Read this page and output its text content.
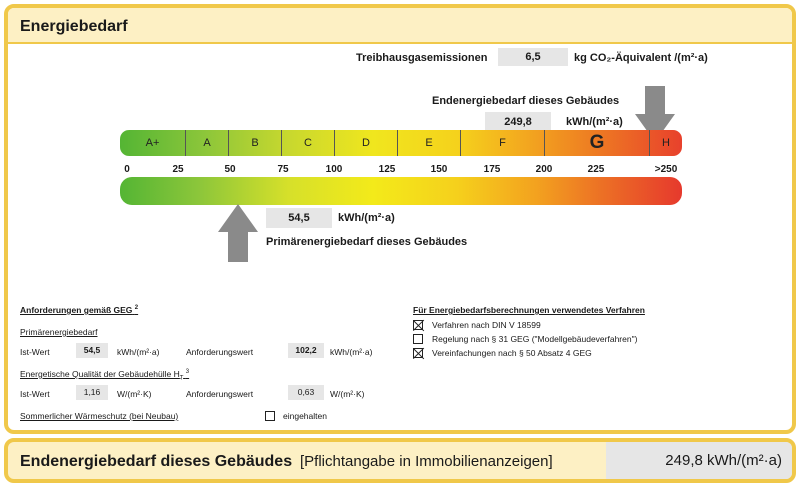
Energiebedarf
Treibhausgasemissionen	6,5	kg CO₂-Äquivalent /(m²·a)
Endenergiebedarf dieses Gebäudes
249,8	kWh/(m²·a)
A+	A	B	C	D	E	F	G	H
0	25	50	75	100	125	150	175	200	225	>250
54,5	kWh/(m²·a)
Primärenergiebedarf dieses Gebäudes
Anforderungen gemäß GEG $^2$
Primärenergiebedarf
Ist-Wert	54,5	kWh/(m²·a)	Anforderungswert	102,2	kWh/(m²·a)
Energetische Qualität der Gebäudehülle $H_T$ $^3$
Ist-Wert	1,16	W/(m²·K)	Anforderungswert	0,63	W/(m²·K)
Sommerlicher Wärmeschutz (bei Neubau)	eingehalten
Für Energiebedarfsberechnungen verwendetes Verfahren
Verfahren nach DIN V 18599
Regelung nach § 31 GEG ("Modellgebäudeverfahren")
Vereinfachungen nach § 50 Absatz 4 GEG
Endenergiebedarf dieses Gebäudes [Pflichtangabe in Immobilienanzeigen]	249,8 kWh/(m²·a)
